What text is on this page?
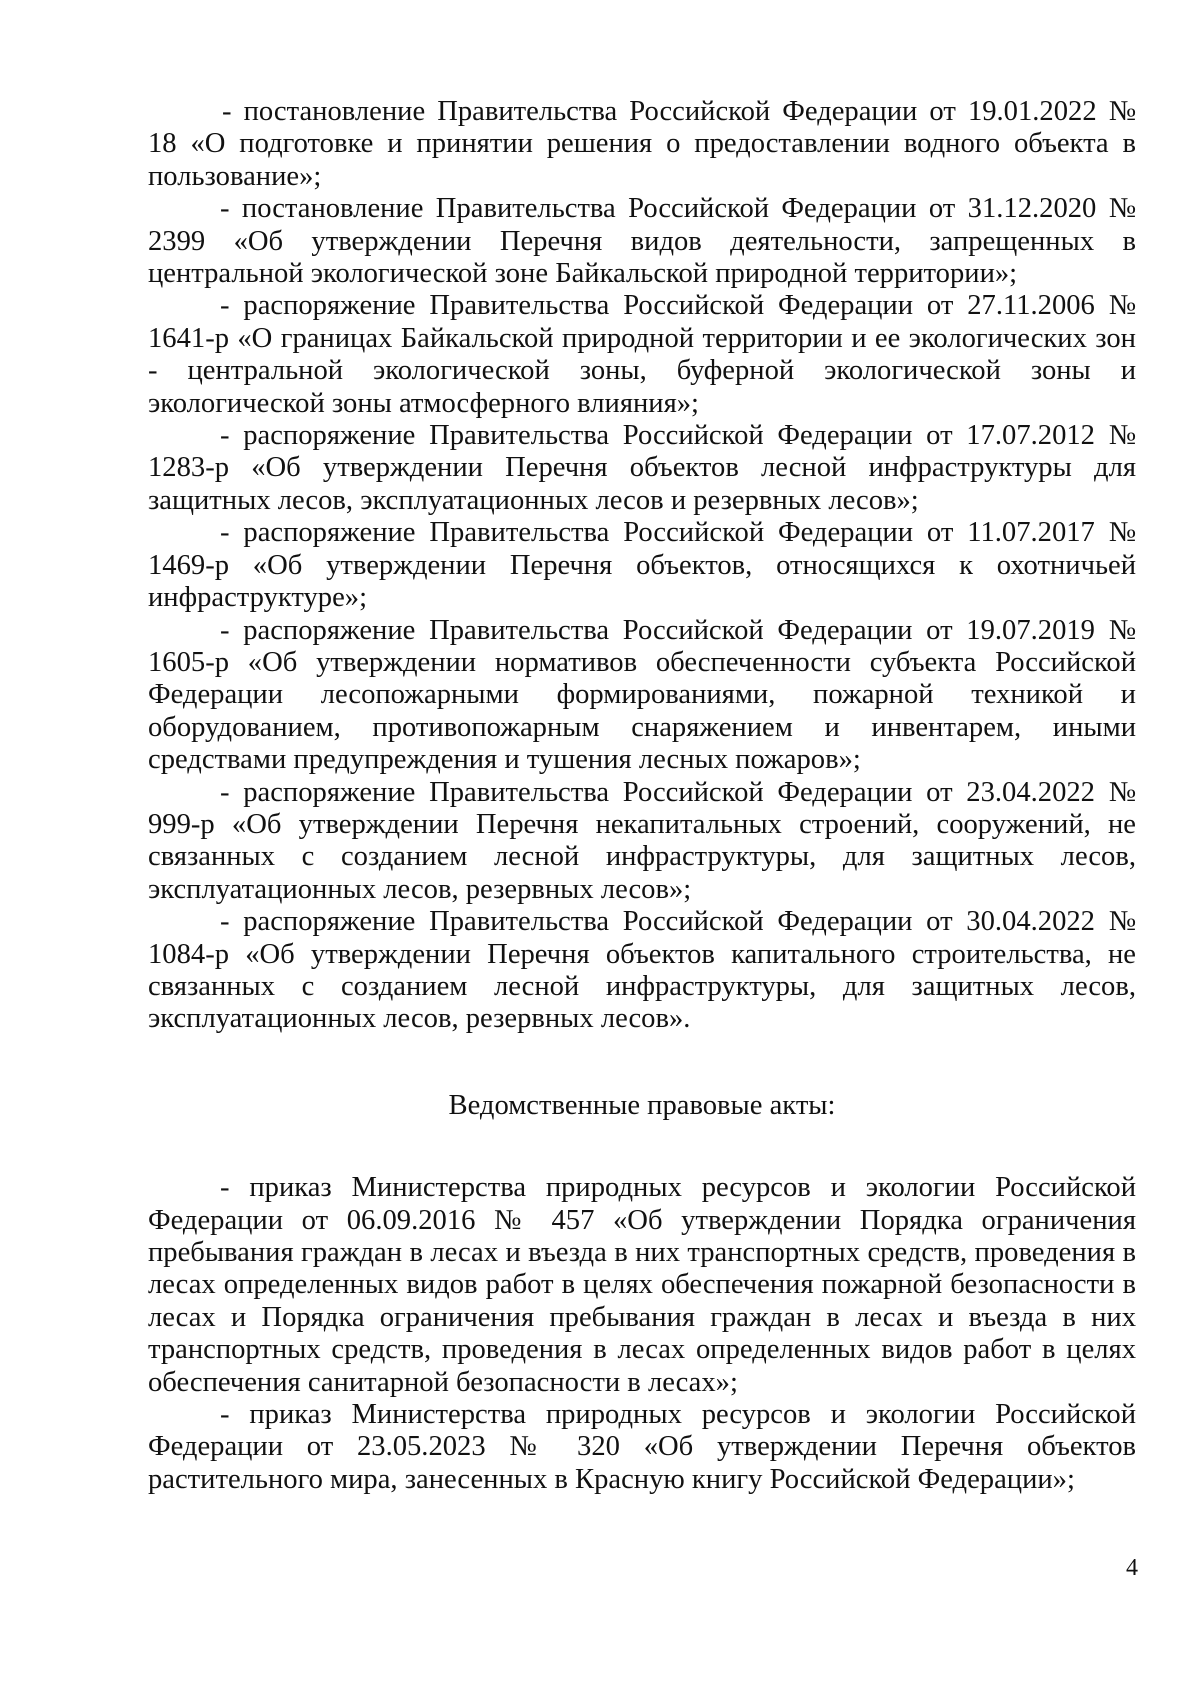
- постановление Правительства Российской Федерации от 19.01.2022 № 18 «О подготовке и принятии решения о предоставлении водного объекта в пользование»;

- постановление Правительства Российской Федерации от 31.12.2020 № 2399 «Об утверждении Перечня видов деятельности, запрещенных в центральной экологической зоне Байкальской природной территории»;

- распоряжение Правительства Российской Федерации от 27.11.2006 № 1641-р «О границах Байкальской природной территории и ее экологических зон - центральной экологической зоны, буферной экологической зоны и экологической зоны атмосферного влияния»;

- распоряжение Правительства Российской Федерации от 17.07.2012 № 1283-р «Об утверждении Перечня объектов лесной инфраструктуры для защитных лесов, эксплуатационных лесов и резервных лесов»;

- распоряжение Правительства Российской Федерации от 11.07.2017 № 1469-р «Об утверждении Перечня объектов, относящихся к охотничьей инфраструктуре»;

- распоряжение Правительства Российской Федерации от 19.07.2019 № 1605-р «Об утверждении нормативов обеспеченности субъекта Российской Федерации лесопожарными формированиями, пожарной техникой и оборудованием, противопожарным снаряжением и инвентарем, иными средствами предупреждения и тушения лесных пожаров»;

- распоряжение Правительства Российской Федерации от 23.04.2022 № 999-р «Об утверждении Перечня некапитальных строений, сооружений, не связанных с созданием лесной инфраструктуры, для защитных лесов, эксплуатационных лесов, резервных лесов»;

- распоряжение Правительства Российской Федерации от 30.04.2022 № 1084-р «Об утверждении Перечня объектов капитального строительства, не связанных с созданием лесной инфраструктуры, для защитных лесов, эксплуатационных лесов, резервных лесов».

Ведомственные правовые акты:

- приказ Министерства природных ресурсов и экологии Российской Федерации от 06.09.2016 № 457 «Об утверждении Порядка ограничения пребывания граждан в лесах и въезда в них транспортных средств, проведения в лесах определенных видов работ в целях обеспечения пожарной безопасности в лесах и Порядка ограничения пребывания граждан в лесах и въезда в них транспортных средств, проведения в лесах определенных видов работ в целях обеспечения санитарной безопасности в лесах»;

- приказ Министерства природных ресурсов и экологии Российской Федерации от 23.05.2023 № 320 «Об утверждении Перечня объектов растительного мира, занесенных в Красную книгу Российской Федерации»;

4
